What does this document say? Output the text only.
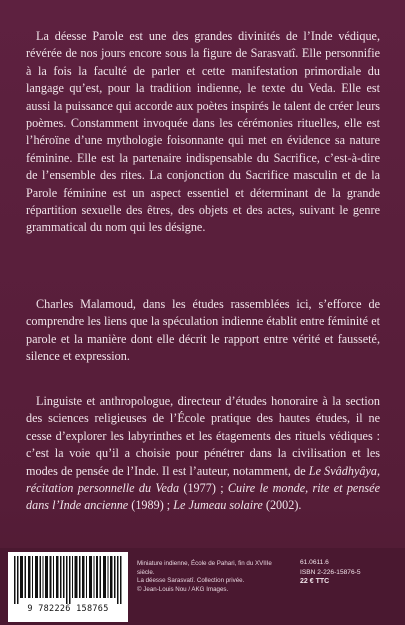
La déesse Parole est une des grandes divinités de l’Inde védique, révérée de nos jours encore sous la figure de Sarasvatî. Elle personnifie à la fois la faculté de parler et cette manifestation primordiale du langage qu’est, pour la tradition indienne, le texte du Veda. Elle est aussi la puissance qui accorde aux poètes inspirés le talent de créer leurs poèmes. Constamment invoquée dans les cérémonies rituelles, elle est l’héroïne d’une mythologie foisonnante qui met en évidence sa nature féminine. Elle est la partenaire indispensable du Sacrifice, c’est-à-dire de l’ensemble des rites. La conjonction du Sacrifice masculin et de la Parole féminine est un aspect essentiel et déterminant de la grande répartition sexuelle des êtres, des objets et des actes, suivant le genre grammatical du nom qui les désigne.

Charles Malamoud, dans les études rassemblées ici, s’efforce de comprendre les liens que la spéculation indienne établit entre féminité et parole et la manière dont elle décrit le rapport entre vérité et fausseté, silence et expression.

Linguiste et anthropologue, directeur d’études honoraire à la section des sciences religieuses de l’École pratique des hautes études, il ne cesse d’explorer les labyrinthes et les étagements des rituels védiques : c’est la voie qu’il a choisie pour pénétrer dans la civilisation et les modes de pensée de l’Inde. Il est l’auteur, notamment, de Le Svâdhyâya, récitation personnelle du Veda (1977) ; Cuire le monde, rite et pensée dans l’Inde ancienne (1989) ; Le Jumeau solaire (2002).

9 782226 158765
Miniature indienne, École de Pahari, fin du XVIIIe siècle.
La déesse Sarasvatî. Collection privée.
© Jean-Louis Nou / AKG Images.
61.0611.6
ISBN 2-226-15876-5
22 € TTC
